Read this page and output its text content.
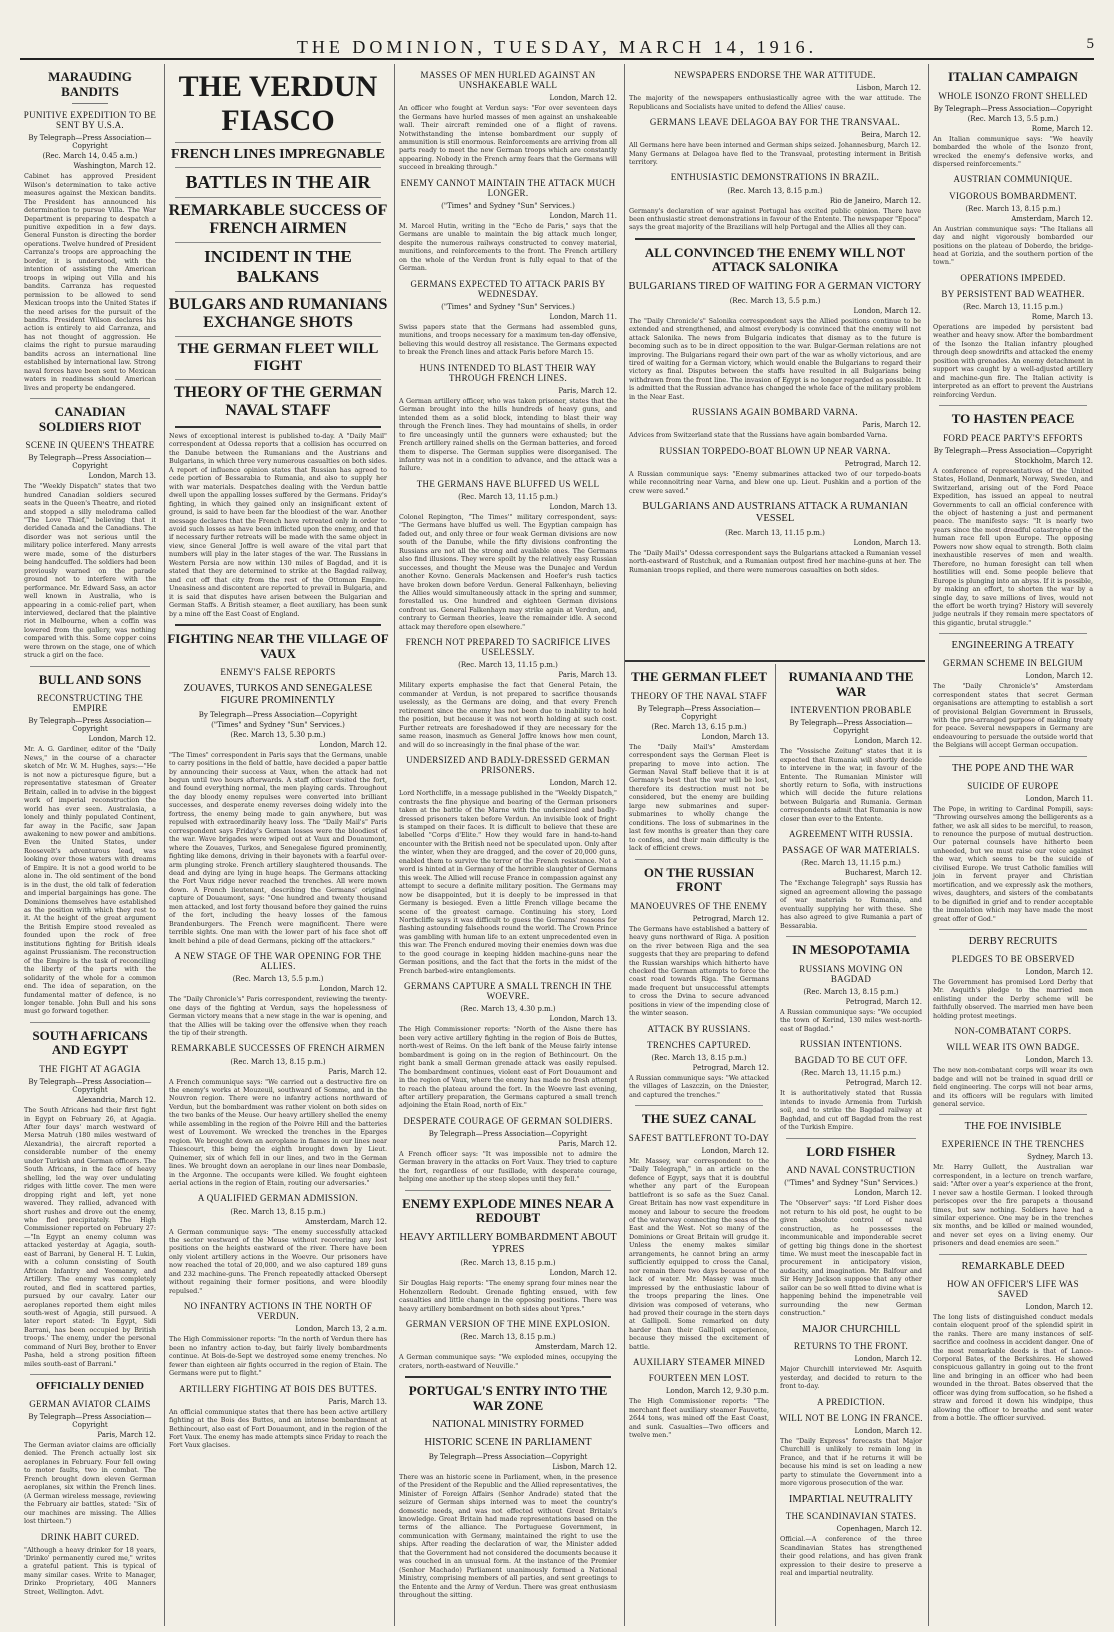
THE DOMINION, TUESDAY, MARCH 14, 1916.	5
MARAUDING BANDITS
PUNITIVE EXPEDITION TO BE SENT BY U.S.A.
By Telegraph—Press Association—Copyright
(Rec. March 14, 0.45 a.m.)
Washington, March 12.
Cabinet has approved President Wilson's determination to take active measures against the Mexican bandits. The President has announced his determination to pursue Villa. The War Department is preparing to despatch a punitive expedition in a few days. General Funston is directing the border operations. Twelve hundred of President Carranza's troops are approaching the border, it is understood, with the intention of assisting the American troops in wiping out Villa and his bandits. Carranza has requested permission to be allowed to send Mexican troops into the United States if the need arises for the pursuit of the bandits. President Wilson declares his action is entirely to aid Carranza, and has not thought of aggression. He claims the right to pursue marauding bandits across an international line established by international law. Strong naval forces have been sent to Mexican waters in readiness should American lives and property be endangered.
CANADIAN SOLDIERS RIOT
SCENE IN QUEEN'S THEATRE
By Telegraph—Press Association—Copyright
London, March 13.
The "Weekly Dispatch" states that two hundred Canadian soldiers secured seats in the Queen's Theatre, and rioted and stopped a silly melodrama called "The Love Thief," believing that it derided Canada and the Canadians. The disorder was not serious until the military police interfered. Many arrests were made, some of the disturbers being handcuffed. The soldiers had been previously warned on the parade ground not to interfere with the performance. Mr. Edward Sass, an actor well known in Australia, who is appearing in a comic-relief part, when interviewed, declared that the plaintive riot in Melbourne, when a coffin was lowered from the gallery, was nothing compared with this. Some copper coins were thrown on the stage, one of which struck a girl on the face.
BULL AND SONS
RECONSTRUCTING THE EMPIRE
By Telegraph—Press Association—Copyright
London, March 12.
Mr. A. G. Gardiner, editor of the "Daily News," in the course of a character sketch of Mr. W. M. Hughes, says:—"He is not now a picturesque figure, but a representative statesman of Greater Britain, called in to advise in the biggest work of imperial reconstruction the world has ever seen. Australasia, a lonely and thinly populated Continent, far away in the Pacific, saw Japan awakening to new power and ambitions. Even the United States, under Roosevelt's adventurous lead, was looking over those waters with dreams of Empire. It is not a good world to be alone in. The old sentiment of the bond is in the dust, the old talk of federation and imperial bargainings has gone. The Dominions themselves have established as the position with which they rest to it. At the height of the great argument the British Empire stood revealed as founded upon the rock of free institutions fighting for British ideals against Prussianism. The reconstruction of the Empire is the task of reconciling the liberty of the parts with the solidarity of the whole for a common end. The idea of separation, on the fundamental matter of defence, is no longer tenable. John Bull and his sons must go forward together.
SOUTH AFRICANS AND EGYPT
THE FIGHT AT AGAGIA
By Telegraph—Press Association—Copyright
Alexandria, March 12.
The South Africans had their first fight in Egypt on February 26, at Agagia. After four days' march westward of Mersa Matruh (180 miles westward of Alexandria), the aircraft reported a considerable number of the enemy under Turkish and German officers. The South Africans, in the face of heavy shelling, led the way over undulating ridges with little cover. The men were dropping right and left, yet none wavered. They rallied, advanced with short rushes and drove out the enemy, who fled precipitately. The High Commissioner reported on February 27:—"In Egypt an enemy column was attacked yesterday at Agagia, south-east of Barrani, by General H. T. Lukin, with a column consisting of South African Infantry and Yeomanry, and Artillery. The enemy was completely routed, and fled in scattered parties, pursued by our cavalry. Later our aeroplanes reported them eight miles south-west of Agagia, still pursued. A later report stated: 'In Egypt, Sidi Barrani, has been occupied by British troops.' The enemy, under the personal command of Nuri Bey, brother to Enver Pasha, held a strong position fifteen miles south-east of Barrani."
OFFICIALLY DENIED
GERMAN AVIATOR CLAIMS
By Telegraph—Press Association—Copyright
Paris, March 12.
The German aviator claims are officially denied. The French actually lost six aeroplanes in February. Four fell owing to motor faults, two in combat. The French brought down eleven German aeroplanes, six within the French lines. (A German wireless message, reviewing the February air battles, stated: "Six of our machines are missing. The Allies lost thirteen.")
DRINK HABIT CURED.
"Although a heavy drinker for 18 years, 'Drinko' permanently cured me," writes a grateful patient. This is typical of many similar cases. Write to Manager, Drinko Proprietary, 40G Manners Street, Wellington. Advt.
THE VERDUN FIASCO
FRENCH LINES IMPREGNABLE
BATTLES IN THE AIR
REMARKABLE SUCCESS OF FRENCH AIRMEN
INCIDENT IN THE BALKANS
BULGARS AND RUMANIANS EXCHANGE SHOTS
THE GERMAN FLEET WILL FIGHT
THEORY OF THE GERMAN NAVAL STAFF
News of exceptional interest is published to-day. A "Daily Mail" correspondent at Odessa reports that a collision has occurred on the Danube between the Rumanians and the Austrians and Bulgarians, in which three very numerous casualties on both sides. A report of influence opinion states that Russian has agreed to cede portion of Bessarabia to Rumania, and also to supply her with war materials. Despatches dealing with the Verdun battle dwell upon the appalling losses suffered by the Germans. Friday's fighting, in which they gained only an insignificant extent of ground, is said to have been far the bloodiest of the war. Another message declares that the French have retreated only in order to avoid such losses as have been inflicted upon the enemy, and that if necessary further retreats will be made with the same object in view, since General Joffre is well aware of the vital part that numbers will play in the later stages of the war. The Russians in Western Persia are now within 130 miles of Bagdad, and it is stated that they are determined to strike at the Bagdad railway, and cut off that city from the rest of the Ottoman Empire. Uneasiness and discontent are reported to prevail in Bulgaria, and it is said that disputes have arisen between the Bulgarian and German Staffs. A British steamer, a fleet auxiliary, has been sunk by a mine off the East Coast of England.
FIGHTING NEAR THE VILLAGE OF VAUX
ENEMY'S FALSE REPORTS
ZOUAVES, TURKOS AND SENEGALESE FIGURE PROMINENTLY
By Telegraph—Press Association—Copyright
("Times" and Sydney "Sun" Services.)
(Rec. March 13, 5.30 p.m.)
London, March 12.
"The Times" correspondent in Paris says that the Germans, unable to carry positions in the field of battle, have decided a paper battle by announcing their success at Vaux, when the attack had not begun until two hours afterwards. A staff officer visited the fort, and found everything normal, the men playing cards. Throughout the day bloody enemy repulses were converted into brilliant successes, and desperate enemy reverses doing widely into the fortress, the enemy being made to gain anywhere, but was repulsed with extraordinarily heavy loss. The "Daily Mail's" Paris correspondent says Friday's German losses were the bloodiest of the war. Wave brigades were wiped out at Vaux and Douaumont, where the Zouaves, Turkos, and Senegalese figured prominently, fighting like demons, driving in their bayonets with a fearful over-arm plunging stroke. French artillery slaughtered thousands. The dead and dying are lying in huge heaps. The Germans attacking the Fort Vaux ridge never reached the trenches. All were mown down. A French lieutenant, describing the Germans' original capture of Douaumont, says: "One hundred and twenty thousand men attacked, and lost forty thousand before they gained the ruins of the fort, including the heavy losses of the famous Brandenburgers. The French were magnificent. There were terrible sights. One man with the lower part of his face shot off knelt behind a pile of dead Germans, picking off the attackers."
A NEW STAGE OF THE WAR OPENING FOR THE ALLIES.
(Rec. March 13, 5.5 p.m.)
London, March 12.
The "Daily Chronicle's" Paris correspondent, reviewing the twenty-one days of the fighting at Verdun, says the hopelessness of German victory means that a new stage in the war is opening, and that the Allies will be taking over the offensive when they reach the tip of their strength.
REMARKABLE SUCCESSES OF FRENCH AIRMEN
(Rec. March 13, 8.15 p.m.)
Paris, March 12.
A French communique says: "We carried out a destructive fire on the enemy's works at Mouzeuil, southward of Somme, and in the Nouvron region. There were no infantry actions northward of Verdun, but the bombardment was rather violent on both sides on the two banks of the Meuse. Our heavy artillery shelled the enemy while assembling in the region of the Poivre Hill and the batteries west of Louvemont. We wrecked the trenches in the Eparges region. We brought down an aeroplane in flames in our lines near Thiescourt, this being the eighth brought down by Lieut. Quinemer, six of which fell in our lines, and two in the German lines. We brought down an aeroplane in our lines near Dombasle, in the Argonne. The occupants were killed. We fought eighteen aerial actions in the region of Etain, routing our adversaries."
A QUALIFIED GERMAN ADMISSION.
(Rec. March 13, 8.15 p.m.)
Amsterdam, March 12.
A German communique says: "The enemy successfully attacked the sector westward of the Meuse without recovering any lost positions on the heights eastward of the river. There have been only violent artillery actions in the Woevre. Our prisoners have now reached the total of 20,000, and we also captured 189 guns and 232 machine-guns. The French repeatedly attacked Obersept without regaining their former positions, and were bloodily repulsed."
NO INFANTRY ACTIONS IN THE NORTH OF VERDUN.
London, March 13, 2 a.m.
The High Commissioner reports: "In the north of Verdun there has been no infantry action to-day, but fairly lively bombardments continue. At Bois-de-Sept we destroyed some enemy trenches. No fewer than eighteen air fights occurred in the region of Etain. The Germans were put to flight."
ARTILLERY FIGHTING AT BOIS DES BUTTES.
Paris, March 13.
An official communique states that there has been active artillery fighting at the Bois des Buttes, and an intense bombardment at Bethincourt, also east of Fort Douaumont, and in the region of the Fort Vaux. The enemy has made attempts since Friday to reach the Fort Vaux glacises.
MASSES OF MEN HURLED AGAINST AN UNSHAKEABLE WALL
London, March 12.
An officer who fought at Verdun says: "For over seventeen days the Germans have hurled masses of men against an unshakeable wall. Their aircraft reminded one of a flight of ravens. Notwithstanding the intense bombardment our supply of ammunition is still enormous. Reinforcements are arriving from all parts ready to meet the new German troops which are constantly appearing. Nobody in the French army fears that the Germans will succeed in breaking through."
ENEMY CANNOT MAINTAIN THE ATTACK MUCH LONGER.
("Times" and Sydney "Sun" Services.)
London, March 11.
M. Marcel Hutin, writing in the "Echo de Paris," says that the Germans are unable to maintain the big attack much longer, despite the numerous railways constructed to convey material, munitions, and reinforcements to the front. The French artillery on the whole of the Verdun front is fully equal to that of the German.
GERMANS EXPECTED TO ATTACK PARIS BY WEDNESDAY.
("Times" and Sydney "Sun" Services.)
London, March 11.
Swiss papers state that the Germans had assembled guns, munitions, and troops necessary for a maximum ten-day offensive, believing this would destroy all resistance. The Germans expected to break the French lines and attack Paris before March 15.
HUNS INTENDED TO BLAST THEIR WAY THROUGH FRENCH LINES.
Paris, March 12.
A German artillery officer, who was taken prisoner, states that the German brought into the hills hundreds of heavy guns, and intended them as a solid block, intending to blast their way through the French lines. They had mountains of shells, in order to fire unceasingly until the gunners were exhausted; but the French artillery rained shells on the German batteries, and forced them to disperse. The German supplies were disorganised. The infantry was not in a condition to advance, and the attack was a failure.
THE GERMANS HAVE BLUFFED US WELL
(Rec. March 13, 11.15 p.m.)
London, March 13.
Colonel Repington, "The Times'" military correspondent, says: "The Germans have bluffed us well. The Egyptian campaign has faded out, and only three or four weak German divisions are now south of the Danube, while the fifty divisions confronting the Russians are not all the strong and available ones. The Germans also find illusions. They were spoilt by the relatively easy Russian successes, and thought the Meuse was the Dunajec and Verdun another Kovno. Generals Mackensen and Hoefer's rush tactics have broken down before Verdun. General Falkenhayn, believing the Allies would simultaneously attack in the spring and summer, forestalled us. One hundred and eighteen German divisions confront us. General Falkenhayn may strike again at Verdun, and, contrary to German theories, leave the remainder idle. A second attack may therefore open elsewhere."
FRENCH NOT PREPARED TO SACRIFICE LIVES USELESSLY.
(Rec. March 13, 11.15 p.m.)
Paris, March 13.
Military experts emphasise the fact that General Petain, the commander at Verdun, is not prepared to sacrifice thousands uselessly, as the Germans are doing, and that every French retirement since the enemy has not been due to inability to hold the position, but because it was not worth holding at such cost. Further retreats are foreshadowed if they are necessary for the same reason, inasmuch as General Joffre knows how men count, and will do so increasingly in the final phase of the war.
UNDERSIZED AND BADLY-DRESSED GERMAN PRISONERS.
London, March 12.
Lord Northcliffe, in a message published in the "Weekly Dispatch," contrasts the fine physique and bearing of the German prisoners taken at the battle of the Marne with the undersized and badly-dressed prisoners taken before Verdun. An invisible look of fright is stamped on their faces. It is difficult to believe that these are labelled "Corps d'Elite." How they would fare in hand-to-hand encounter with the British need not be speculated upon. Only after the winter, when they are dragged, and the cover of 20,000 guns, enabled them to survive the terror of the French resistance. Not a word is hinted at in Germany of the horrible slaughter of Germans this week. The Allied will recuse France in compassion against any attempt to secure a definite military position. The Germans may now be disappointed, but it is deeply to be impressed in that Germany is besieged. Even a little French village became the scene of the greatest carnage. Continuing his story, Lord Northcliffe says it was difficult to guess the Germans' reasons for flashing astounding falsehoods round the world. The Crown Prince was gambling with human life to an extent unprecedented even in this war. The French endured moving their enemies down was due to the good courage in keeping hidden machine-guns near the German positions, and the fact that the forts in the midst of the French barbed-wire entanglements.
GERMANS CAPTURE A SMALL TRENCH IN THE WOEVRE.
(Rec. March 13, 4.30 p.m.)
London, March 13.
The High Commissioner reports: "North of the Aisne there has been very active artillery fighting in the region of Bois de Buttes, north-west of Reims. On the left bank of the Meuse fairly intense bombardment is going on in the region of Bethincourt. On the right bank a small German grenade attack was easily repulsed. The bombardment continues, violent east of Fort Douaumont and in the region of Vaux, where the enemy has made no fresh attempt to reach the plateau around the fort. In the Woevre last evening, after artillery preparation, the Germans captured a small trench adjoining the Etain Road, north of Eix."
DESPERATE COURAGE OF GERMAN SOLDIERS.
By Telegraph—Press Association—Copyright
Paris, March 12.
A French officer says: "It was impossible not to admire the German bravery in the attacks on Fort Vaux. They tried to capture the fort, regardless of our fusillade, with desperate courage, helping one another up the steep slopes until they fell."
ENEMY EXPLODE MINES NEAR A REDOUBT
HEAVY ARTILLERY BOMBARDMENT ABOUT YPRES
(Rec. March 13, 8.15 p.m.)
London, March 12.
Sir Douglas Haig reports: "The enemy sprang four mines near the Hohenzollern Redoubt. Grenade fighting ensued, with few casualties and little change in the opposing positions. There was heavy artillery bombardment on both sides about Ypres."
GERMAN VERSION OF THE MINE EXPLOSION.
(Rec. March 13, 8.15 p.m.)
Amsterdam, March 12.
A German communique says: "We exploded mines, occupying the craters, north-eastward of Neuville."
PORTUGAL'S ENTRY INTO THE WAR ZONE
NATIONAL MINISTRY FORMED
HISTORIC SCENE IN PARLIAMENT
By Telegraph—Press Association—Copyright
Lisbon, March 12.
There was an historic scene in Parliament, when, in the presence of the President of the Republic and the Allied representatives, the Minister of Foreign Affairs (Senhor Andrade) stated that the seizure of German ships interned was to meet the country's domestic needs, and was not effected without Great Britain's knowledge. Great Britain had made representations based on the terms of the alliance. The Portuguese Government, in communication with Germany, maintained the right to use the ships. After reading the declaration of war, the Minister added that the Government had not considered the documents because it was couched in an unusual form. At the instance of the Premier (Senhor Machado) Parliament unanimously formed a National Ministry, comprising members of all parties, and sent greetings to the Entente and the Army of Verdun. There was great enthusiasm throughout the sitting.
NEWSPAPERS ENDORSE THE WAR ATTITUDE.
Lisbon, March 12.
The majority of the newspapers enthusiastically agree with the war attitude. The Republicans and Socialists have united to defend the Allies' cause.
GERMANS LEAVE DELAGOA BAY FOR THE TRANSVAAL.
Beira, March 12.
All Germans here have been interned and German ships seized. Johannesburg, March 12. Many Germans at Delagoa have fled to the Transvaal, protesting interment in British territory.
ENTHUSIASTIC DEMONSTRATIONS IN BRAZIL.
(Rec. March 13, 8.15 p.m.)
Rio de Janeiro, March 12.
Germany's declaration of war against Portugal has excited public opinion. There have been enthusiastic street demonstrations in favour of the Entente. The newspaper "Epoca" says the great majority of the Brazilians will help Portugal and the Allies all they can.
ALL CONVINCED THE ENEMY WILL NOT ATTACK SALONIKA
BULGARIANS TIRED OF WAITING FOR A GERMAN VICTORY
(Rec. March 13, 5.5 p.m.)
London, March 12.
The "Daily Chronicle's" Salonika correspondent says the Allied positions continue to be extended and strengthened, and almost everybody is convinced that the enemy will not attack Salonika. The news from Bulgaria indicates that dismay as to the future is becoming such as to be in direct opposition to the war. Bulgar-German relations are not improving. The Bulgarians regard their own part of the war as wholly victorious, and are tired of waiting for a German victory, which would enable the Bulgarians to regard their victory as final. Disputes between the staffs have resulted in all Bulgarians being withdrawn from the front line. The invasion of Egypt is no longer regarded as possible. It is admitted that the Russian advance has changed the whole face of the military problem in the Near East.
RUSSIANS AGAIN BOMBARD VARNA.
Paris, March 12.
Advices from Switzerland state that the Russians have again bombarded Varna.
RUSSIAN TORPEDO-BOAT BLOWN UP NEAR VARNA.
Petrograd, March 12.
A Russian communique says: "Enemy submarines attacked two of our torpedo-boats while reconnoitring near Varna, and blew one up. Lieut. Pushkin and a portion of the crew were saved."
BULGARIANS AND AUSTRIANS ATTACK A RUMANIAN VESSEL
(Rec. March 13, 11.15 p.m.)
London, March 13.
The "Daily Mail's" Odessa correspondent says the Bulgarians attacked a Rumanian vessel north-eastward of Rustchuk, and a Rumanian outpost fired her machine-guns at her. The Rumanian troops replied, and there were numerous casualties on both sides.
THE GERMAN FLEET
THEORY OF THE NAVAL STAFF
By Telegraph—Press Association—Copyright
(Rec. March 13, 6.15 p.m.)
London, March 13.
The "Daily Mail's" Amsterdam correspondent says the German Fleet is preparing to move into action. The German Naval Staff believe that it is at Germany's best that the war will be lost, therefore its destruction must not be considered, but the enemy are building large new submarines and super-submarines to wholly change the conditions. The loss of submarines in the last few months is greater than they care to confess, and their main difficulty is the lack of efficient crews.
ON THE RUSSIAN FRONT
MANOEUVRES OF THE ENEMY
Petrograd, March 12.
The Germans have established a battery of heavy guns northward of Riga. A position on the river between Riga and the sea suggests that they are preparing to defend the Russian warships which hitherto have checked the German attempts to force the coast road towards Riga. The Germans made frequent but unsuccessful attempts to cross the Dvina to secure advanced positions in view of the impending close of the winter season.
ATTACK BY RUSSIANS.
TRENCHES CAPTURED.
(Rec. March 13, 8.15 p.m.)
Petrograd, March 12.
A Russian communique says: "We attacked the villages of Laszczin, on the Dniester, and captured the trenches."
THE SUEZ CANAL
SAFEST BATTLEFRONT TO-DAY
London, March 12.
Mr. Massey, war correspondent to the "Daily Telegraph," in an article on the defence of Egypt, says that it is doubtful whether any part of the European battlefront is so safe as the Suez Canal. Great Britain has now vast expenditure in money and labour to secure the freedom of the waterway connecting the seas of the East and the West. Not so many of the Dominions or Great Britain will grudge it. Unless the enemy makes similar arrangements, he cannot bring an army sufficiently equipped to cross the Canal, nor remain there two days because of the lack of water. Mr. Massey was much impressed by the enthusiastic labour of the troops preparing the lines. One division was composed of veterans, who had proved their courage in the stern days at Gallipoli. Some remarked on duty harder than their Gallipoli experience, because they missed the excitement of battle.
AUXILIARY STEAMER MINED
FOURTEEN MEN LOST.
London, March 12, 9.30 p.m.
The High Commissioner reports: "The merchant fleet auxiliary steamer Fauvette, 2644 tons, was mined off the East Coast, and sunk. Casualties—Two officers and twelve men."
RUMANIA AND THE WAR
INTERVENTION PROBABLE
By Telegraph—Press Association—Copyright
London, March 12.
The "Vossische Zeitung" states that it is expected that Rumania will shortly decide to intervene in the war, in favour of the Entente. The Rumanian Minister will shortly return to Sofia, with instructions which will decide the future relations between Bulgaria and Rumania. German correspondents admit that Rumania is now closer than ever to the Entente.
AGREEMENT WITH RUSSIA.
PASSAGE OF WAR MATERIALS.
(Rec. March 13, 11.15 p.m.)
Bucharest, March 12.
The "Exchange Telegraph" says Russia has signed an agreement allowing the passage of war materials to Rumania, and eventually supplying her with these. She has also agreed to give Rumania a part of Bessarabia.
IN MESOPOTAMIA
RUSSIANS MOVING ON BAGDAD
(Rec. March 13, 8.15 p.m.)
Petrograd, March 12.
A Russian communique says: "We occupied the town of Kerind, 130 miles west-north-east of Bagdad."
RUSSIAN INTENTIONS.
BAGDAD TO BE CUT OFF.
(Rec. March 13, 11.15 p.m.)
Petrograd, March 12.
It is authoritatively stated that Russia intends to invade Armenia from Turkish soil, and to strike the Bagdad railway at Baghdad, and cut off Bagdad from the rest of the Turkish Empire.
LORD FISHER
AND NAVAL CONSTRUCTION
("Times" and Sydney "Sun" Services.)
London, March 12.
The "Observer" says: "If Lord Fisher does not return to his old post, he ought to be given absolute control of naval construction, as he possesses the incommunicable and imponderable secret of getting big things done in the shortest time. We must meet the inescapable fact in procurement in anticipatory vision, audacity, and imagination. Mr. Balfour and Sir Henry Jackson suppose that any other sailor can be so well fitted to divine what is happening behind the impenetrable veil surrounding the new German construction."
MAJOR CHURCHILL
RETURNS TO THE FRONT.
London, March 12.
Major Churchill interviewed Mr. Asquith yesterday, and decided to return to the front to-day.
A PREDICTION.
WILL NOT BE LONG IN FRANCE.
London, March 12.
The "Daily Express" forecasts that Major Churchill is unlikely to remain long in France, and that if he returns it will be because his mind is set on leading a new party to stimulate the Government into a more vigorous prosecution of the war.
IMPARTIAL NEUTRALITY
THE SCANDINAVIAN STATES.
Copenhagen, March 12.
Official.—A conference of the three Scandinavian States has strengthened their good relations, and has given frank expression to their desire to preserve a real and impartial neutrality.
ITALIAN CAMPAIGN
WHOLE ISONZO FRONT SHELLED
By Telegraph—Press Association—Copyright
(Rec. March 13, 5.5 p.m.)
Rome, March 12.
An Italian communique says: "We heavily bombarded the whole of the Isonzo front, wrecked the enemy's defensive works, and dispersed reinforcements."
AUSTRIAN COMMUNIQUE.
VIGOROUS BOMBARDMENT.
(Rec. March 13, 8.15 p.m.)
Amsterdam, March 12.
An Austrian communique says: "The Italians all day and night vigorously bombarded our positions on the plateau of Doberdo, the bridge-head at Gorizia, and the southern portion of the town."
OPERATIONS IMPEDED.
BY PERSISTENT BAD WEATHER.
(Rec. March 13, 11.15 p.m.)
Rome, March 13.
Operations are impeded by persistent bad weather and heavy snow. After the bombardment of the Isonzo the Italian infantry ploughed through deep snowdrifts and attacked the enemy position with grenades. An enemy detachment in support was caught by a well-adjusted artillery and machine-gun fire. The Italian activity is interpreted as an effort to prevent the Austrians reinforcing Verdun.
TO HASTEN PEACE
FORD PEACE PARTY'S EFFORTS
By Telegraph—Press Association—Copyright
Stockholm, March 12.
A conference of representatives of the United States, Holland, Denmark, Norway, Sweden, and Switzerland, arising out of the Ford Peace Expedition, has issued an appeal to neutral Governments to call an official conference with the object of hastening a just and permanent peace. The manifesto says: "It is nearly two years since the most dreadful catastrophe of the human race fell upon Europe. The opposing Powers now show equal to strength. Both claim inexhaustible reserves of men and wealth. Therefore, no human foresight can tell when hostilities will end. Some people believe that Europe is plunging into an abyss. If it is possible, by making an effort, to shorten the war by a single day, to save millions of lives, would not the effort be worth trying? History will severely judge neutrals if they remain mere spectators of this gigantic, brutal struggle."
ENGINEERING A TREATY
GERMAN SCHEME IN BELGIUM
London, March 12.
The "Daily Chronicle's" Amsterdam correspondent states that secret German organisations are attempting to establish a sort of provisional Belgian Government in Brussels, with the pre-arranged purpose of making treaty for peace. Several newspapers in Germany are endeavouring to persuade the outside world that the Belgians will accept German occupation.
THE POPE AND THE WAR
SUICIDE OF EUROPE
London, March 11.
The Pope, in writing to Cardinal Pompili, says: "Throwing ourselves among the belligerents as a father, we ask all sides to be merciful, to reason, to renounce the purpose of mutual destruction. Our paternal counsels have hitherto been unheeded, but we must raise our voice against the war, which seems to be the suicide of civilised Europe. We trust Catholic families will join in fervent prayer and Christian mortification, and we expressly ask the mothers, wives, daughters, and sisters of the combatants to be dignified in grief and to render acceptable the immolation which may have made the most great offer of God."
DERBY RECRUITS
PLEDGES TO BE OBSERVED
London, March 12.
The Government has promised Lord Derby that Mr. Asquith's pledge to the married men enlisting under the Derby scheme will be faithfully observed. The married men have been holding protest meetings.
NON-COMBATANT CORPS.
WILL WEAR ITS OWN BADGE.
London, March 13.
The new non-combatant corps will wear its own badge and will not be trained in squad drill or field engineering. The corps will not bear arms, and its officers will be regulars with limited general service.
THE FOE INVISIBLE
EXPERIENCE IN THE TRENCHES
Sydney, March 13.
Mr. Harry Gullett, the Australian war correspondent, in a lecture on trench warfare, said: "After over a year's experience at the front, I never saw a hostile German. I looked through periscopes over the fire parapets a thousand times, but saw nothing. Soldiers have had a similar experience. One may be in the trenches six months, and be killed or mained wounded, and never set eyes on a living enemy. Our prisoners and dead enemies are seen."
REMARKABLE DEED
HOW AN OFFICER'S LIFE WAS SAVED
London, March 12.
The long lists of distinguished conduct medals contain eloquent proof of the splendid spirit in the ranks. There are many instances of self-sacrifice and coolness in accident danger. One of the most remarkable deeds is that of Lance-Corporal Bates, of the Berkshires. He showed conspicuous gallantry in going out to the front line and bringing in an officer who had been wounded in the throat. Bates observed that the officer was dying from suffocation, so he fished a straw and forced it down his windpipe, thus allowing the officer to breathe and sent water from a bottle. The officer survived.
